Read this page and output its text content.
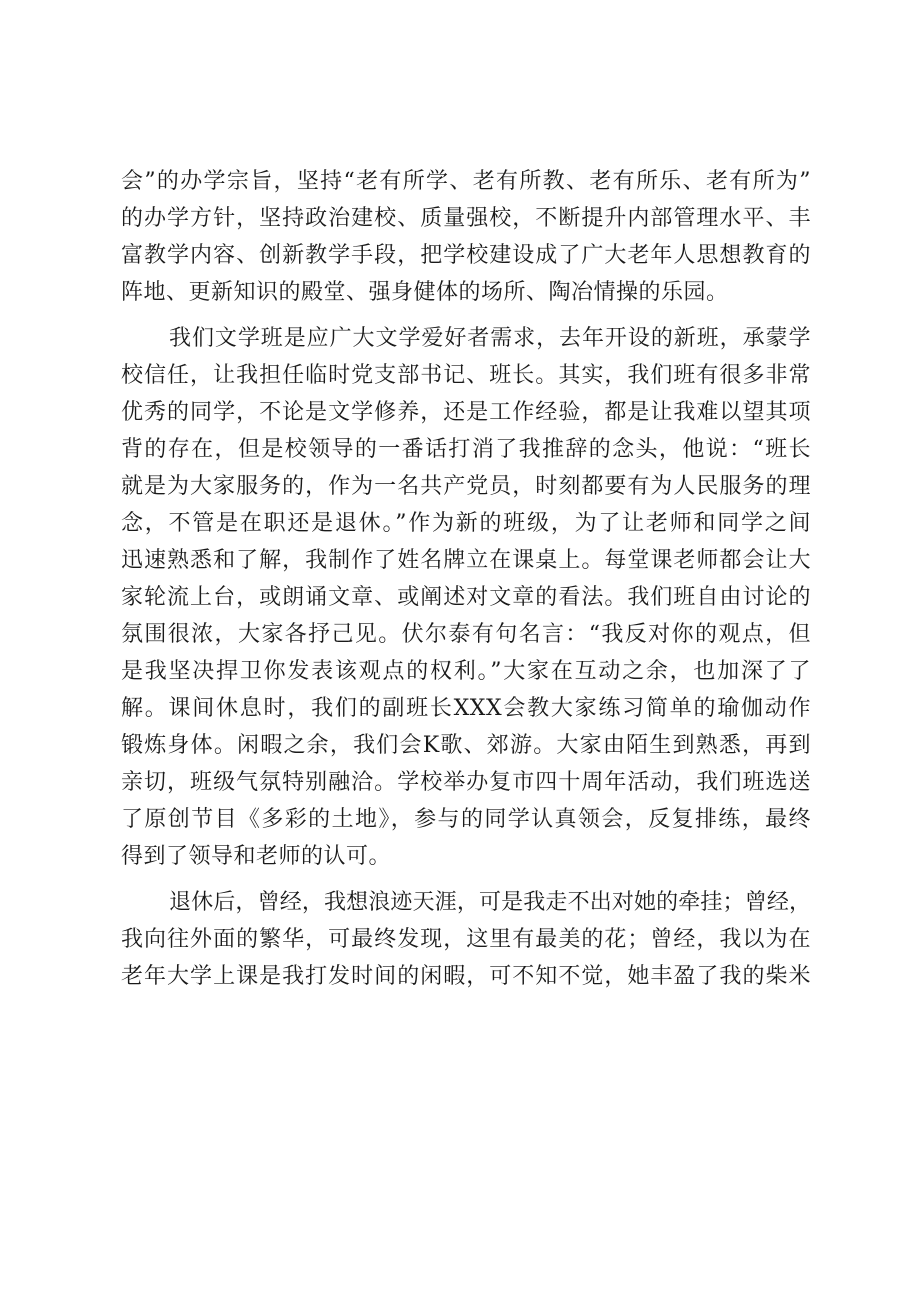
会”的办学宗旨，坚持“老有所学、老有所教、老有所乐、老有所为”
的办学方针，坚持政治建校、质量强校，不断提升内部管理水平、丰
富教学内容、创新教学手段，把学校建设成了广大老年人思想教育的
阵地、更新知识的殿堂、强身健体的场所、陶冶情操的乐园。
我们文学班是应广大文学爱好者需求，去年开设的新班，承蒙学
校信任，让我担任临时党支部书记、班长。其实，我们班有很多非常
优秀的同学，不论是文学修养，还是工作经验，都是让我难以望其项
背的存在，但是校领导的一番话打消了我推辞的念头，他说：“班长
就是为大家服务的，作为一名共产党员，时刻都要有为人民服务的理
念，不管是在职还是退休。”作为新的班级，为了让老师和同学之间
迅速熟悉和了解，我制作了姓名牌立在课桌上。每堂课老师都会让大
家轮流上台，或朗诵文章、或阐述对文章的看法。我们班自由讨论的
氛围很浓，大家各抒己见。伏尔泰有句名言：“我反对你的观点，但
是我坚决捍卫你发表该观点的权利。”大家在互动之余，也加深了了
解。课间休息时，我们的副班长XXX会教大家练习简单的瑜伽动作
锻炼身体。闲暇之余，我们会K歌、郊游。大家由陌生到熟悉，再到
亲切，班级气氛特别融洽。学校举办复市四十周年活动，我们班选送
了原创节目《多彩的土地》，参与的同学认真领会，反复排练，最终
得到了领导和老师的认可。
退休后，曾经，我想浪迹天涯，可是我走不出对她的牵挂；曾经，
我向往外面的繁华，可最终发现，这里有最美的花；曾经，我以为在
老年大学上课是我打发时间的闲暇，可不知不觉，她丰盈了我的柴米
